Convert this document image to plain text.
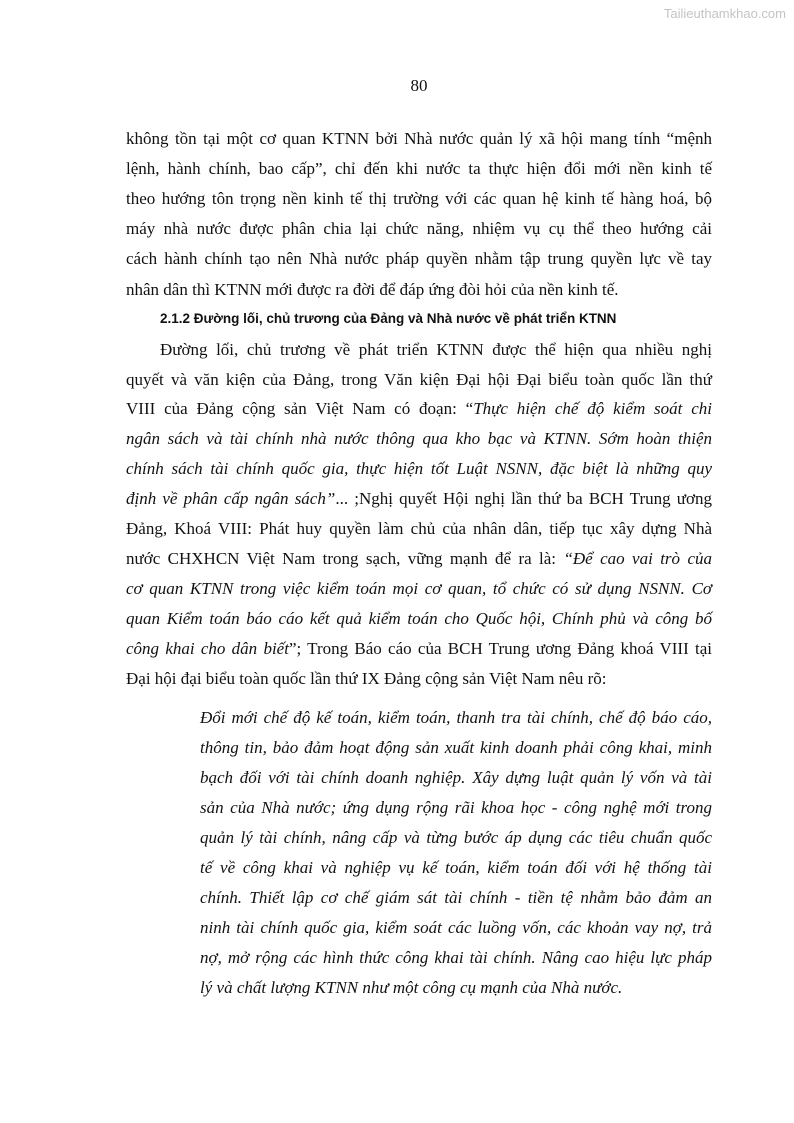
Tailieuthamkhao.com
80
không tồn tại một cơ quan KTNN bởi Nhà nước quản lý xã hội mang tính “mệnh
lệnh, hành chính, bao cấp”, chỉ đến khi nước ta thực hiện đổi mới nền kinh tế
theo hướng tôn trọng nền kinh tế thị trường với các quan hệ kinh tế hàng hoá, bộ
máy nhà nước được phân chia lại chức năng, nhiệm vụ cụ thể theo hướng cải
cách hành chính tạo nên Nhà nước pháp quyền nhằm tập trung quyền lực về tay
nhân dân thì KTNN mới được ra đời để đáp ứng đòi hỏi của nền kinh tế.
2.1.2 Đường lối, chủ trương của Đảng và Nhà nước về phát triển KTNN
Đường lối, chủ trương về phát triển KTNN được thể hiện qua nhiều nghị
quyết và văn kiện của Đảng, trong Văn kiện Đại hội Đại biểu toàn quốc lần thứ
VIII của Đảng cộng sản Việt Nam có đoạn: “Thực hiện chế độ kiểm soát chi
ngân sách và tài chính nhà nước thông qua kho bạc và KTNN. Sớm hoàn thiện
chính sách tài chính quốc gia, thực hiện tốt Luật NSNN, đặc biệt là những quy
định về phân cấp ngân sách”... ;Nghị quyết Hội nghị lần thứ ba BCH Trung ương
Đảng, Khoá VIII: Phát huy quyền làm chủ của nhân dân, tiếp tục xây dựng Nhà
nước CHXHCN Việt Nam trong sạch, vững mạnh để ra là: “Để cao vai trò của
cơ quan KTNN trong việc kiểm toán mọi cơ quan, tổ chức có sử dụng NSNN. Cơ
quan Kiểm toán báo cáo kết quả kiểm toán cho Quốc hội, Chính phủ và công bố
công khai cho dân biết”; Trong Báo cáo của BCH Trung ương Đảng khoá VIII tại
Đại hội đại biểu toàn quốc lần thứ IX Đảng cộng sản Việt Nam nêu rõ:
Đổi mới chế độ kế toán, kiểm toán, thanh tra tài chính, chế độ báo cáo,
thông tin, bảo đảm hoạt động sản xuất kinh doanh phải công khai, minh
bạch đối với tài chính doanh nghiệp. Xây dựng luật quản lý vốn và tài
sản của Nhà nước; ứng dụng rộng rãi khoa học - công nghệ mới trong
quản lý tài chính, nâng cấp và từng bước áp dụng các tiêu chuẩn quốc
tế về công khai và nghiệp vụ kế toán, kiểm toán đối với hệ thống tài
chính. Thiết lập cơ chế giám sát tài chính - tiền tệ nhằm bảo đảm an
ninh tài chính quốc gia, kiểm soát các luồng vốn, các khoản vay nợ, trả
nợ, mở rộng các hình thức công khai tài chính. Nâng cao hiệu lực pháp
lý và chất lượng KTNN như một công cụ mạnh của Nhà nước.
